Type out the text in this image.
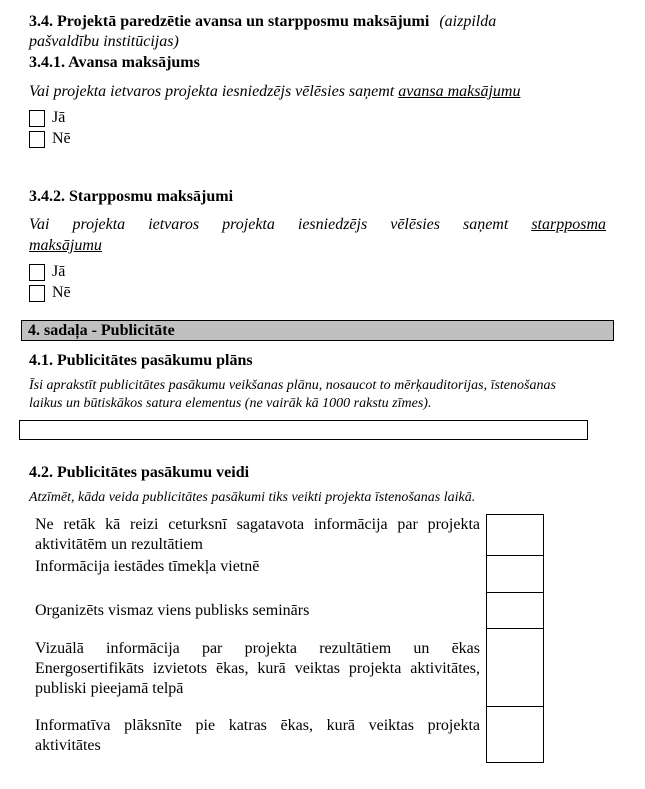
3.4. Projektā paredzētie avansa un starpposmu maksājumi (aizpilda
pašvaldību institūcijas)
3.4.1. Avansa maksājums
Vai projekta ietvaros projekta iesniedzējs vēlēsies saņemt avansa maksājumu
Jā
Nē
3.4.2. Starpposmu maksājumi
Vai projekta ietvaros projekta iesniedzējs vēlēsies saņemt starpposma
maksājumu
Jā
Nē
4. sadaļa - Publicitāte
4.1. Publicitātes pasākumu plāns
Īsi aprakstīt publicitātes pasākumu veikšanas plānu, nosaucot to mērķauditorijas, īstenošanas
laikus un būtiskākos satura elementus (ne vairāk kā 1000 rakstu zīmes).
4.2. Publicitātes pasākumu veidi
Atzīmēt, kāda veida publicitātes pasākumi tiks veikti projekta īstenošanas laikā.
Ne retāk kā reizi ceturksnī sagatavota informācija par projekta aktivitātēm un rezultātiem
Informācija iestādes tīmekļa vietnē
Organizēts vismaz viens publisks seminārs
Vizuālā informācija par projekta rezultātiem un ēkas Energosertifikāts izvietots ēkas, kurā veiktas projekta aktivitātes, publiski pieejamā telpā
Informatīva plāksnīte pie katras ēkas, kurā veiktas projekta aktivitātes
